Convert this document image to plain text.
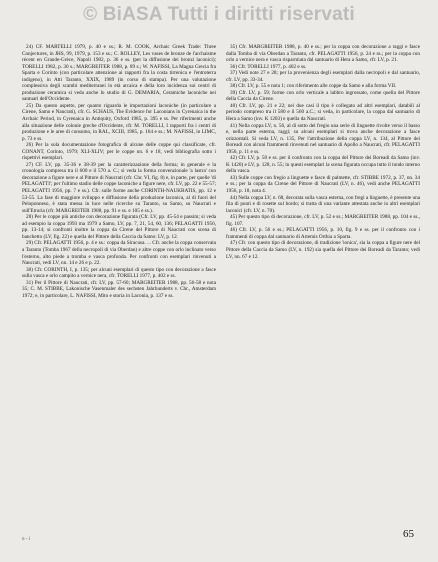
© BiASA Tutti i diritti riservati

24) CF. MARTELLI 1979, p. 40 e ss.; R. M. COOK, Archaic Greek Trade: Three Conjectures, in JHS, 99, 1979, p. 153 e ss.; C. ROLLEY, Les vases de bronze de l'archaisme récent en Grande-Grèce, Napoli 1982, p. 36 e ss. (per la diffusione dei bronzi laconici); TORELLI 1982, p. 30 s.; MARGREITER 1988, p. 89 s.; W. NAFISSI, La Magna Grecia fra Sparta e Corinto (con particolare attenzione ai rapporti fra la costa tirrenica e l'entroterra indigeno), in Atti Taranto, XXIX, 1989 (in corso di stampa). Per una valutazione complessiva degli scambi mediterranei in età arcaica e della loro incidenza sui centri di produzione ceramica si veda anche lo studio di G. DEMARIA, Ceramiche laconiche nei santuari dell'Occidente.

25) Da questo aspetto, per quanto riguarda le importazioni laconiche (in particolare a Cirene, Samo e Naucrati), cfr. G. SCHAUS, The Evidence for Laconians in Cyrenaica in the Archaic Period, in Cyrenaica in Antiquity, Oxford 1985, p. 395 e ss. Per riferimenti anche alla situazione delle colonie greche d'Occidente, cfr. M. TORELLI, I rapporti fra i centri di produzione e le aree di consumo, in RAL, XCIII, 1985, p. 164 e ss.; M. NAFISSI, in LIMC, p. 73 e ss.

26) Per la sola documentazione fotografica di alcune delle coppe qui classificate, cfr. CONANT, Corinto, 1979; XLI-XLIV; per le coppe nn. 6 e 18, vedi bibliografia sotto i rispettivi esemplari.

27) CF. LV, pp. 35-36 e 38-39 per la caratterizzazione della forma; in generale e la cronologia compresa tra il 600 e il 570 a. C.; si veda la forma convenzionale 'a lastra' con decorazione a figure nere e al Pittore di Naucrati (cfr. Chr. VI, fig. 8) e, in parte, per quelle 'di PELAGATTI'; per l'ultimo stadio delle coppe laconiche a figure nere, cfr. LV, pp. 22 e 55-57; PELAGATTI 1956, pp. 7 e ss.). Cfr. sulle forme anche CORINTH-NAUKRATIS, pp. 12 e 53-55. La fase di maggiore sviluppo e diffusione della produzione laconica, al di fuori del Peloponneso, è stata messa in luce nelle ricerche su Taranto, su Samo, su Naucrati e sull'Etruria (cfr. MARGREITER 1988, pp. 91 e ss. e 105 e ss.).

28) Per le coppe più antiche con decorazione figurata (Cfr. LV, pp. 45-54 e passim; si veda ad esempio la coppa 1993 ma 1979 a Samo, LV, pp. 7, 21, 54, 60, 136; PELAGATTI 1956, pp. 13-14; si confronti inoltre la coppa da Cirene del Pittore di Naucrati con scena di banchetto (LV, fig. 22) e quella del Pittore della Caccia da Samo: LV, p. 12.

29) Cfr. PELAGATTI 1956, p. 4 e ss.: coppa da Siracusa. ... Cfr. anche la coppa conservata a Taranto (Tomba 1967 della necropoli di via Oberdan) e altre coppe con orlo inclinato verso l'esterno, alto piede a tromba e vasca profonda. Per confronti con esemplari rinvenuti a Naucrati, vedi LV, nn. 14 e 26 e p. 22.

30) Cfr. CORINTH, I, p. 135; per alcuni esemplari di questo tipo con decorazione a fasce sulla vasca e orlo campito a vernice nera, cfr. TORELLI 1977, p. 402 e ss.

31) Per il Pittore di Naucrati, cfr. LV, pp. 57-60; MARGREITER 1988, pp. 56-58 e nota 35; C. M. STIBBE, Lakonische Vasenmaler des sechsten Jahrhunderts v. Chr., Amsterdam 1972; e, in particolare, L. NAFISSI, Mito e storia in Laconia, p. 137 e ss.

35) Cfr. MARGREITER 1988, p. 40 e ss.; per la coppa con decorazione a raggi e fasce dalla Tomba di via Oberdan a Taranto, cfr. PELAGATTI 1956, p. 24 e ss.; per la coppa con orlo a vernice nera e vasca risparmiata dal santuario di Hera a Samo, cfr. LV, p. 21.

36) Cfr. TORELLI 1977, p. 402 e ss.

37) Vedi note 27 e 28; per la provenienza degli esemplari dalla necropoli e dal santuario, cfr. LV, pp. 33-34.

38) Cfr. LV, p. 55 e nota 1; con riferimento alle coppe da Samo e alla forma VII.

39) Cfr. LV, p. 59; forme con orlo verticale a labbro ingrossato, come quella del Pittore della Caccia da Cirene.

40) Cfr. LV, pp. 21 e 22; nei due casi il tipo è collegato ad altri esemplari, databili al periodo compreso tra il 580 e il 560 a.C.; si veda, in particolare, la coppa dal santuario di Hera a Samo (inv. K 1203) e quella da Naucrati.

41) Nella coppa LV, n. 56, al di sotto del fregio una serie di linguette rivolte verso il basso e, nella parte esterna, raggi; su alcuni esemplari si trova anche decorazione a fasce orizzontali. Si veda LV, n. 135, Per l'attribuzione della coppa LV, n. 134, al Pittore dei Boreadi con alcuni frammenti rinvenuti nel santuario di Apollo a Naucrati, cfr. PELAGATTI 1956, p. 11 e ss.

42) Cfr. LV, p. 50 e ss. per il confronto con la coppa del Pittore dei Boreadi da Samo (inv. K 1420) e LV, p. 128, n. 55; in questi esemplari la scena figurata occupa tutto il tondo interno della vasca.

43) Sulle coppe con fregio a linguette e fasce di palmette, cfr. STIBBE 1972, p. 37, nn. 34 e ss.; per la coppa da Cirene del Pittore di Naucrati (LV, n. 46), vedi anche PELAGATTI 1956, p. 18, nota 4.

44) Nella coppa LV, n. 68, decorata sulla vasca esterna, con fregi a linguette, è presente una fila di punti e di rosette sul bordo; si tratta di una variante attestata anche in altri esemplari laconici (cfr. LV, n. 70).

45) Per questo tipo di decorazione, cfr. LV, p. 52 e ss.; MARGREITER 1988, pp. 104 e ss., fig. 107.

46) Cfr. LV, p. 56 e ss.; PELAGATTI 1956, p. 10, fig. 9 e ss. per il confronto con i frammenti di coppa dal santuario di Artemis Orthia a Sparta.

47) Cfr. con questo tipo di decorazione, di tradizione 'ionica', sia la coppa a figure nere del Pittore della Caccia da Samo (LV, n. 192) sia quella del Pittore dei Boreadi da Taranto; vedi LV, nn. 67 e 12.

n - i	65
